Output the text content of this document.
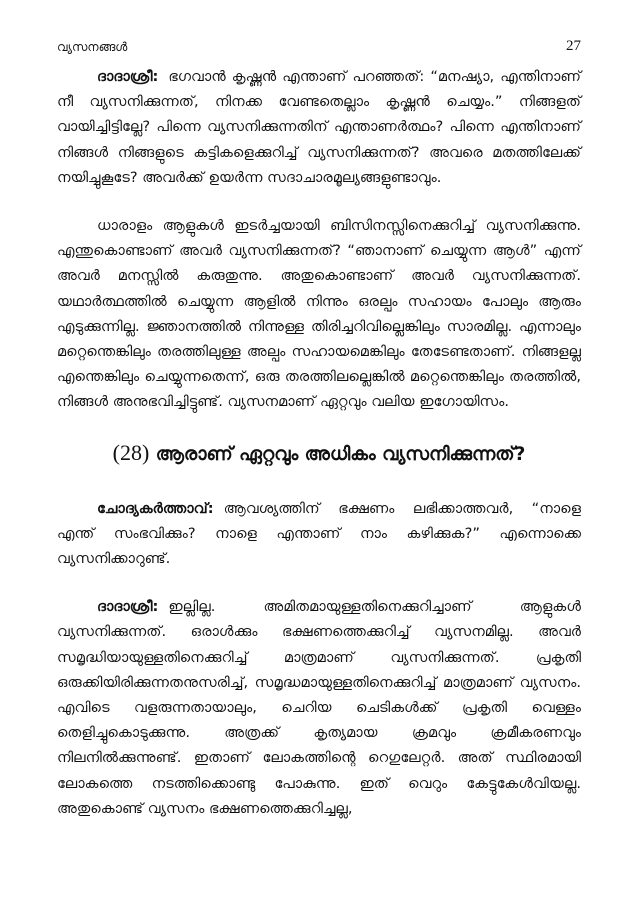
വ്യസനങ്ങൾ	27

ദാദാശ്രീ: ഭഗവാൻ കൃഷ്ണൻ എന്താണ് പറഞ്ഞത്: “മനഷ്യാ, എന്തിനാണ് നീ വ്യസനിക്കുന്നത്, നിനക്ക വേണ്ടതെല്ലാം കൃഷ്ണൻ ചെയ്യം.” നിങ്ങളത് വായിച്ചിട്ടില്ലേ? പിന്നെ വ്യസനിക്കുന്നതിന് എന്താണർത്ഥം? പിന്നെ എന്തിനാണ് നിങ്ങൾ നിങ്ങളുടെ കട്ടികളെക്കുറിച്ച് വ്യസനിക്കുന്നത്? അവരെ മതത്തിലേക്ക് നയിച്ചുകൂടേ? അവർക്ക് ഉയർന്ന സദാചാരമൂല്യങ്ങളുണ്ടാവും.

ധാരാളം ആളുകൾ ഇടർച്ചയായി ബിസിനസ്സിനെക്കുറിച്ച് വ്യസനിക്കുന്നു. എന്തുകൊണ്ടാണ് അവർ വ്യസനിക്കുന്നത്? “ഞാനാണ് ചെയ്യുന്ന ആൾ” എന്ന് അവർ മനസ്സിൽ കരുതുന്നു. അതുകൊണ്ടാണ് അവർ വ്യസനിക്കുന്നത്. യഥാർത്ഥത്തിൽ ചെയ്യുന്ന ആളിൽ നിന്നും ഒരല്പം സഹായം പോലും ആരും എടുക്കുന്നില്ല. ജ്ഞാനത്തിൽ നിന്നുള്ള തിരിച്ചറിവില്ലെങ്കിലും സാരമില്ല. എന്നാലും മറ്റെന്തെങ്കിലും തരത്തിലുള്ള അല്പം സഹായമെങ്കിലും തേടേണ്ടതാണ്. നിങ്ങളല്ല എന്തെങ്കിലും ചെയ്യുന്നതെന്ന്, ഒരു തരത്തിലല്ലെങ്കിൽ മറ്റെന്തെങ്കിലും തരത്തിൽ, നിങ്ങൾ അനുഭവിച്ചിട്ടുണ്ട്. വ്യസനമാണ് ഏറ്റവും വലിയ ഇഗോയിസം.

(28) ആരാണ് ഏറ്റവും അധികം വ്യസനിക്കുന്നത്?

ചോദ്യകർത്താവ്: ആവശ്യത്തിന് ഭക്ഷണം ലഭിക്കാത്തവർ, “നാളെ എന്ത് സംഭവിക്കും? നാളെ എന്താണ് നാം കഴിക്കുക?” എന്നൊക്കെ വ്യസനിക്കാറുണ്ട്.

ദാദാശ്രീ: ഇല്ലില്ല. അമിതമായുള്ളതിനെക്കുറിച്ചാണ് ആളുകൾ വ്യസനിക്കുന്നത്. ഒരാൾക്കും ഭക്ഷണത്തെക്കുറിച്ച് വ്യസനമില്ല. അവർ സമൃദ്ധിയായുള്ളതിനെക്കുറിച്ച് മാത്രമാണ് വ്യസനിക്കുന്നത്. പ്രകൃതി ഒരുക്കിയിരിക്കുന്നതനുസരിച്ച്, സമൃദ്ധമായുള്ളതിനെക്കുറിച്ച് മാത്രമാണ് വ്യസനം. എവിടെ വളരുന്നതായാലും, ചെറിയ ചെടികൾക്ക് പ്രകൃതി വെള്ളം തെളിച്ചുകൊടുക്കുന്നു. അത്രക്ക് കൃത്യമായ ക്രമവും ക്രമീകരണവും നിലനിൽക്കുന്നുണ്ട്. ഇതാണ് ലോകത്തിന്റെ റെഗുലേറ്റർ. അത് സ്ഥിരമായി ലോകത്തെ നടത്തിക്കൊണ്ടു പോകുന്നു. ഇത് വെറും കേട്ടുകേൾവിയല്ല. അതുകൊണ്ട് വ്യസനം ഭക്ഷണത്തെക്കുറിച്ചല്ല,
